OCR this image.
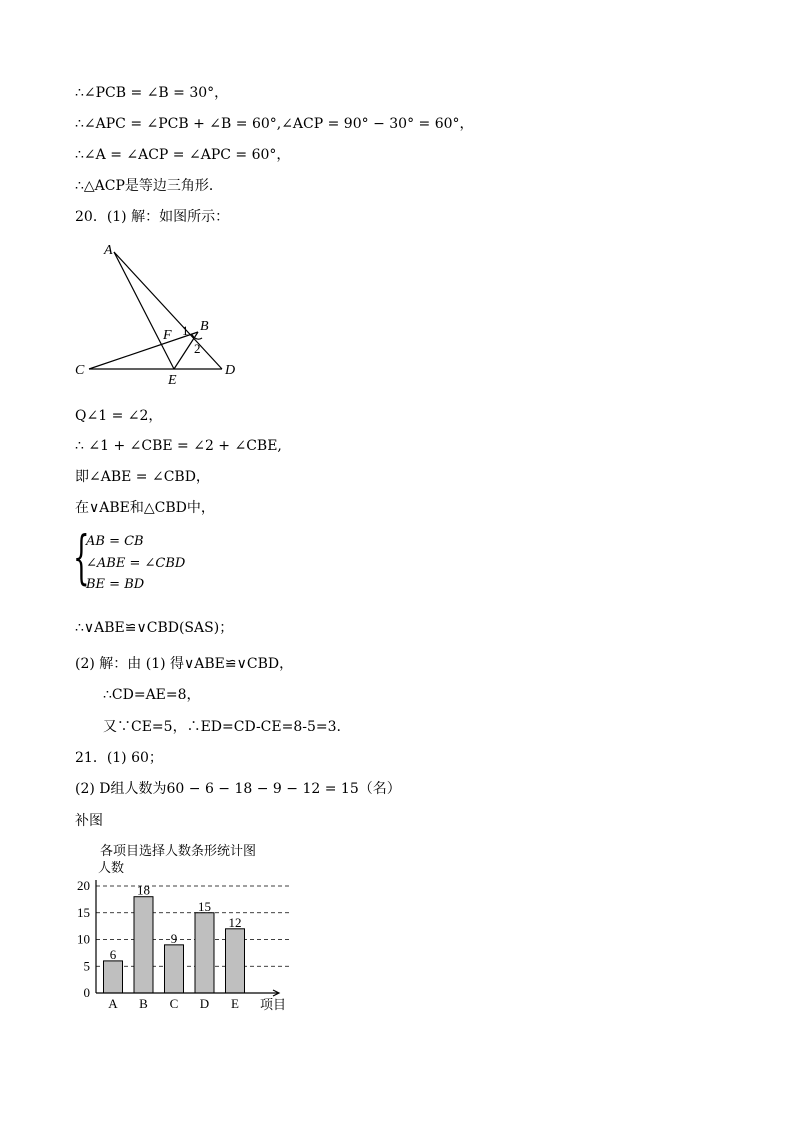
∴∠PCB = ∠B = 30°，
∴∠APC = ∠PCB + ∠B = 60°,∠ACP = 90° − 30° = 60°，
∴∠A = ∠ACP = ∠APC = 60°，
∴△ACP是等边三角形．
20．(1) 解：如图所示：
A
B
C	D
E
F 1
2
Q∠1 = ∠2，
∴ ∠1 + ∠CBE = ∠2 + ∠CBE,
即∠ABE = ∠CBD，
在∨ABE和△CBD中，
{
AB = CB
∠ABE = ∠CBD
BE = BD
∴∨ABE≌∨CBD(SAS)；
(2) 解：由 (1) 得∨ABE≌∨CBD，
∴CD=AE=8，
又∵CE=5，∴ED=CD-CE=8-5=3.
21．(1) 60；
(2) D组人数为60 − 6 − 18 − 9 − 12 = 15（名）
补图
各项目选择人数条形统计图
人数
项目
0
5
10
15
20
A B C D E
6
18
9
15
12
